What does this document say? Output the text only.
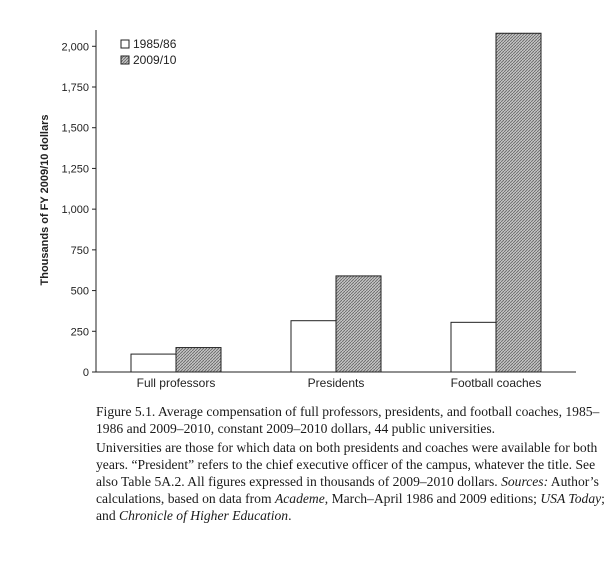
Thousands of FY 2009/10 dollars
0
250
500
750
1,000
1,250
1,500
1,750
2,000
Full professors	Presidents	Football coaches
1985/86
2009/10

Figure 5.1. Average compensation of full professors, presidents, and football coaches, 1985–1986 and 2009–2010, constant 2009–2010 dollars, 44 public universities.

Universities are those for which data on both presidents and coaches were available for both years. “President” refers to the chief executive officer of the campus, whatever the title. See also Table 5A.2. All figures expressed in thousands of 2009–2010 dollars. Sources: Author’s calculations, based on data from Academe, March–April 1986 and 2009 editions; USA Today; and Chronicle of Higher Education.
